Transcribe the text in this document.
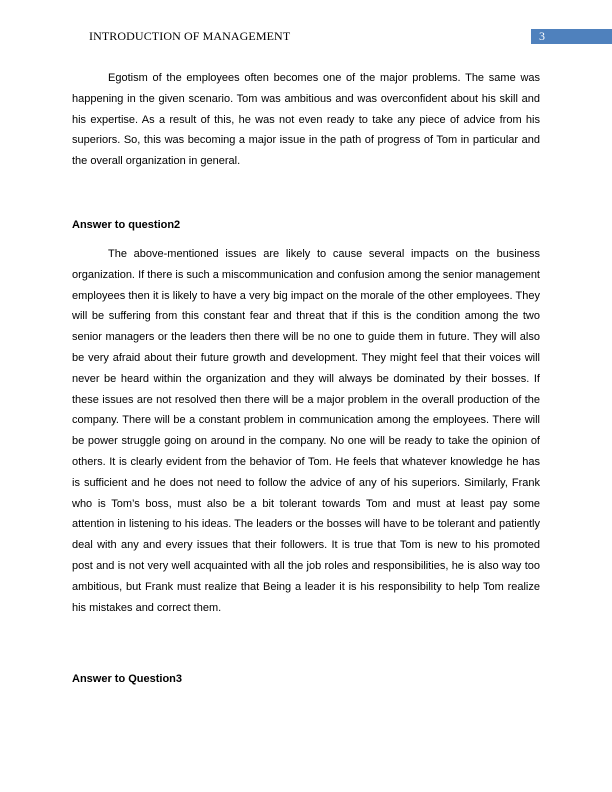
INTRODUCTION OF MANAGEMENT	3

Egotism of the employees often becomes one of the major problems. The same was happening in the given scenario. Tom was ambitious and was overconfident about his skill and his expertise. As a result of this, he was not even ready to take any piece of advice from his superiors. So, this was becoming a major issue in the path of progress of Tom in particular and the overall organization in general.

Answer to question2

The above-mentioned issues are likely to cause several impacts on the business organization. If there is such a miscommunication and confusion among the senior management employees then it is likely to have a very big impact on the morale of the other employees. They will be suffering from this constant fear and threat that if this is the condition among the two senior managers or the leaders then there will be no one to guide them in future. They will also be very afraid about their future growth and development. They might feel that their voices will never be heard within the organization and they will always be dominated by their bosses. If these issues are not resolved then there will be a major problem in the overall production of the company. There will be a constant problem in communication among the employees. There will be power struggle going on around in the company. No one will be ready to take the opinion of others. It is clearly evident from the behavior of Tom. He feels that whatever knowledge he has is sufficient and he does not need to follow the advice of any of his superiors. Similarly, Frank who is Tom’s boss, must also be a bit tolerant towards Tom and must at least pay some attention in listening to his ideas. The leaders or the bosses will have to be tolerant and patiently deal with any and every issues that their followers. It is true that Tom is new to his promoted post and is not very well acquainted with all the job roles and responsibilities, he is also way too ambitious, but Frank must realize that Being a leader it is his responsibility to help Tom realize his mistakes and correct them.

Answer to Question3
